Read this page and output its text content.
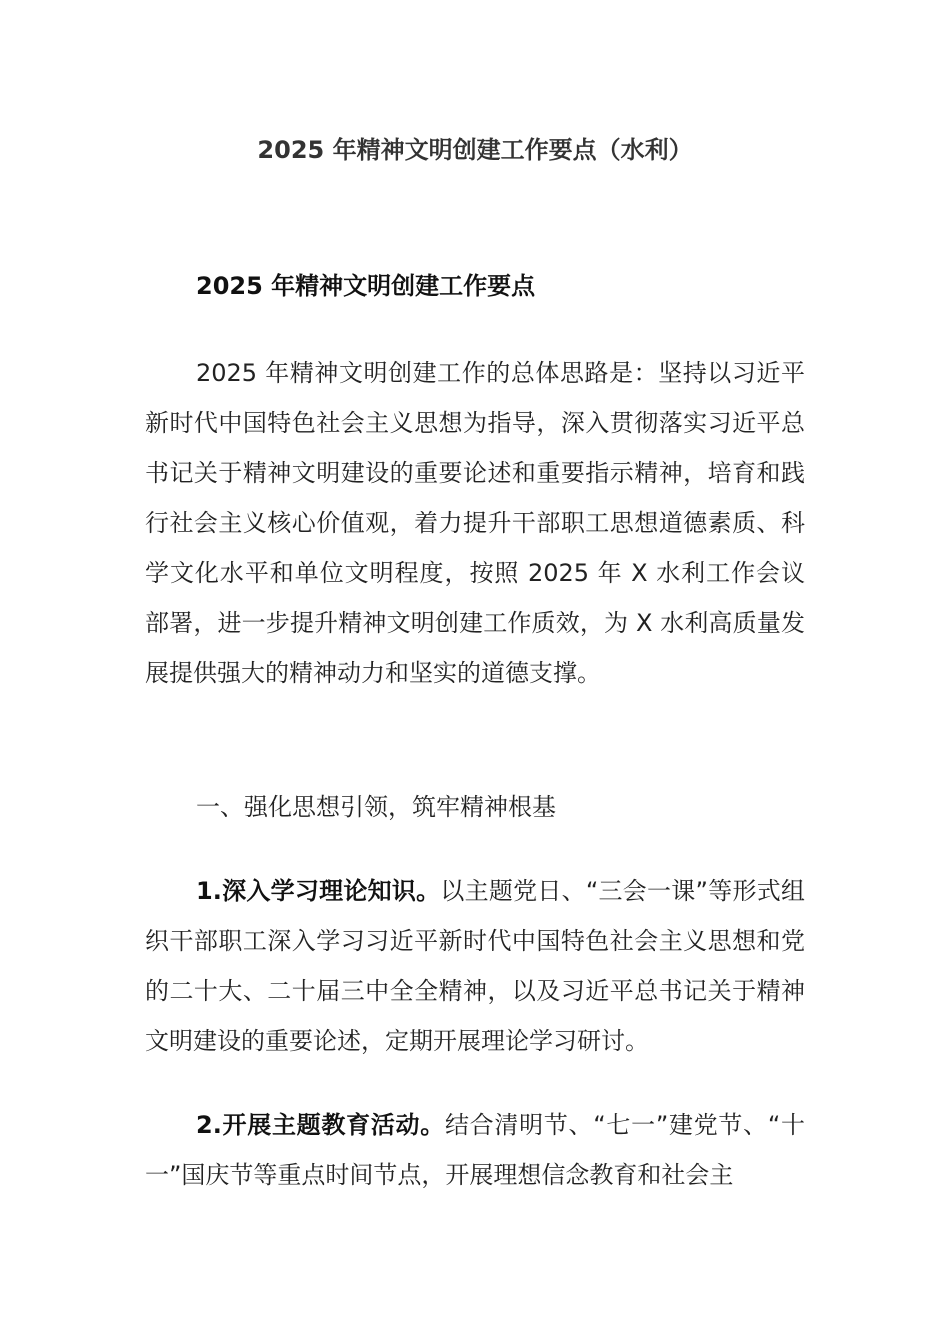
2025 年精神文明创建工作要点（水利）
2025 年精神文明创建工作要点

2025 年精神文明创建工作的总体思路是：坚持以习近平新时代中国特色社会主义思想为指导，深入贯彻落实习近平总书记关于精神文明建设的重要论述和重要指示精神，培育和践行社会主义核心价值观，着力提升干部职工思想道德素质、科学文化水平和单位文明程度，按照 2025 年 X 水利工作会议部署，进一步提升精神文明创建工作质效，为 X 水利高质量发展提供强大的精神动力和坚实的道德支撑。

一、强化思想引领，筑牢精神根基

1.深入学习理论知识。以主题党日、“三会一课”等形式组织干部职工深入学习习近平新时代中国特色社会主义思想和党的二十大、二十届三中全全精神，以及习近平总书记关于精神文明建设的重要论述，定期开展理论学习研讨。

2.开展主题教育活动。结合清明节、“七一”建党节、“十一”国庆节等重点时间节点，开展理想信念教育和社会主
